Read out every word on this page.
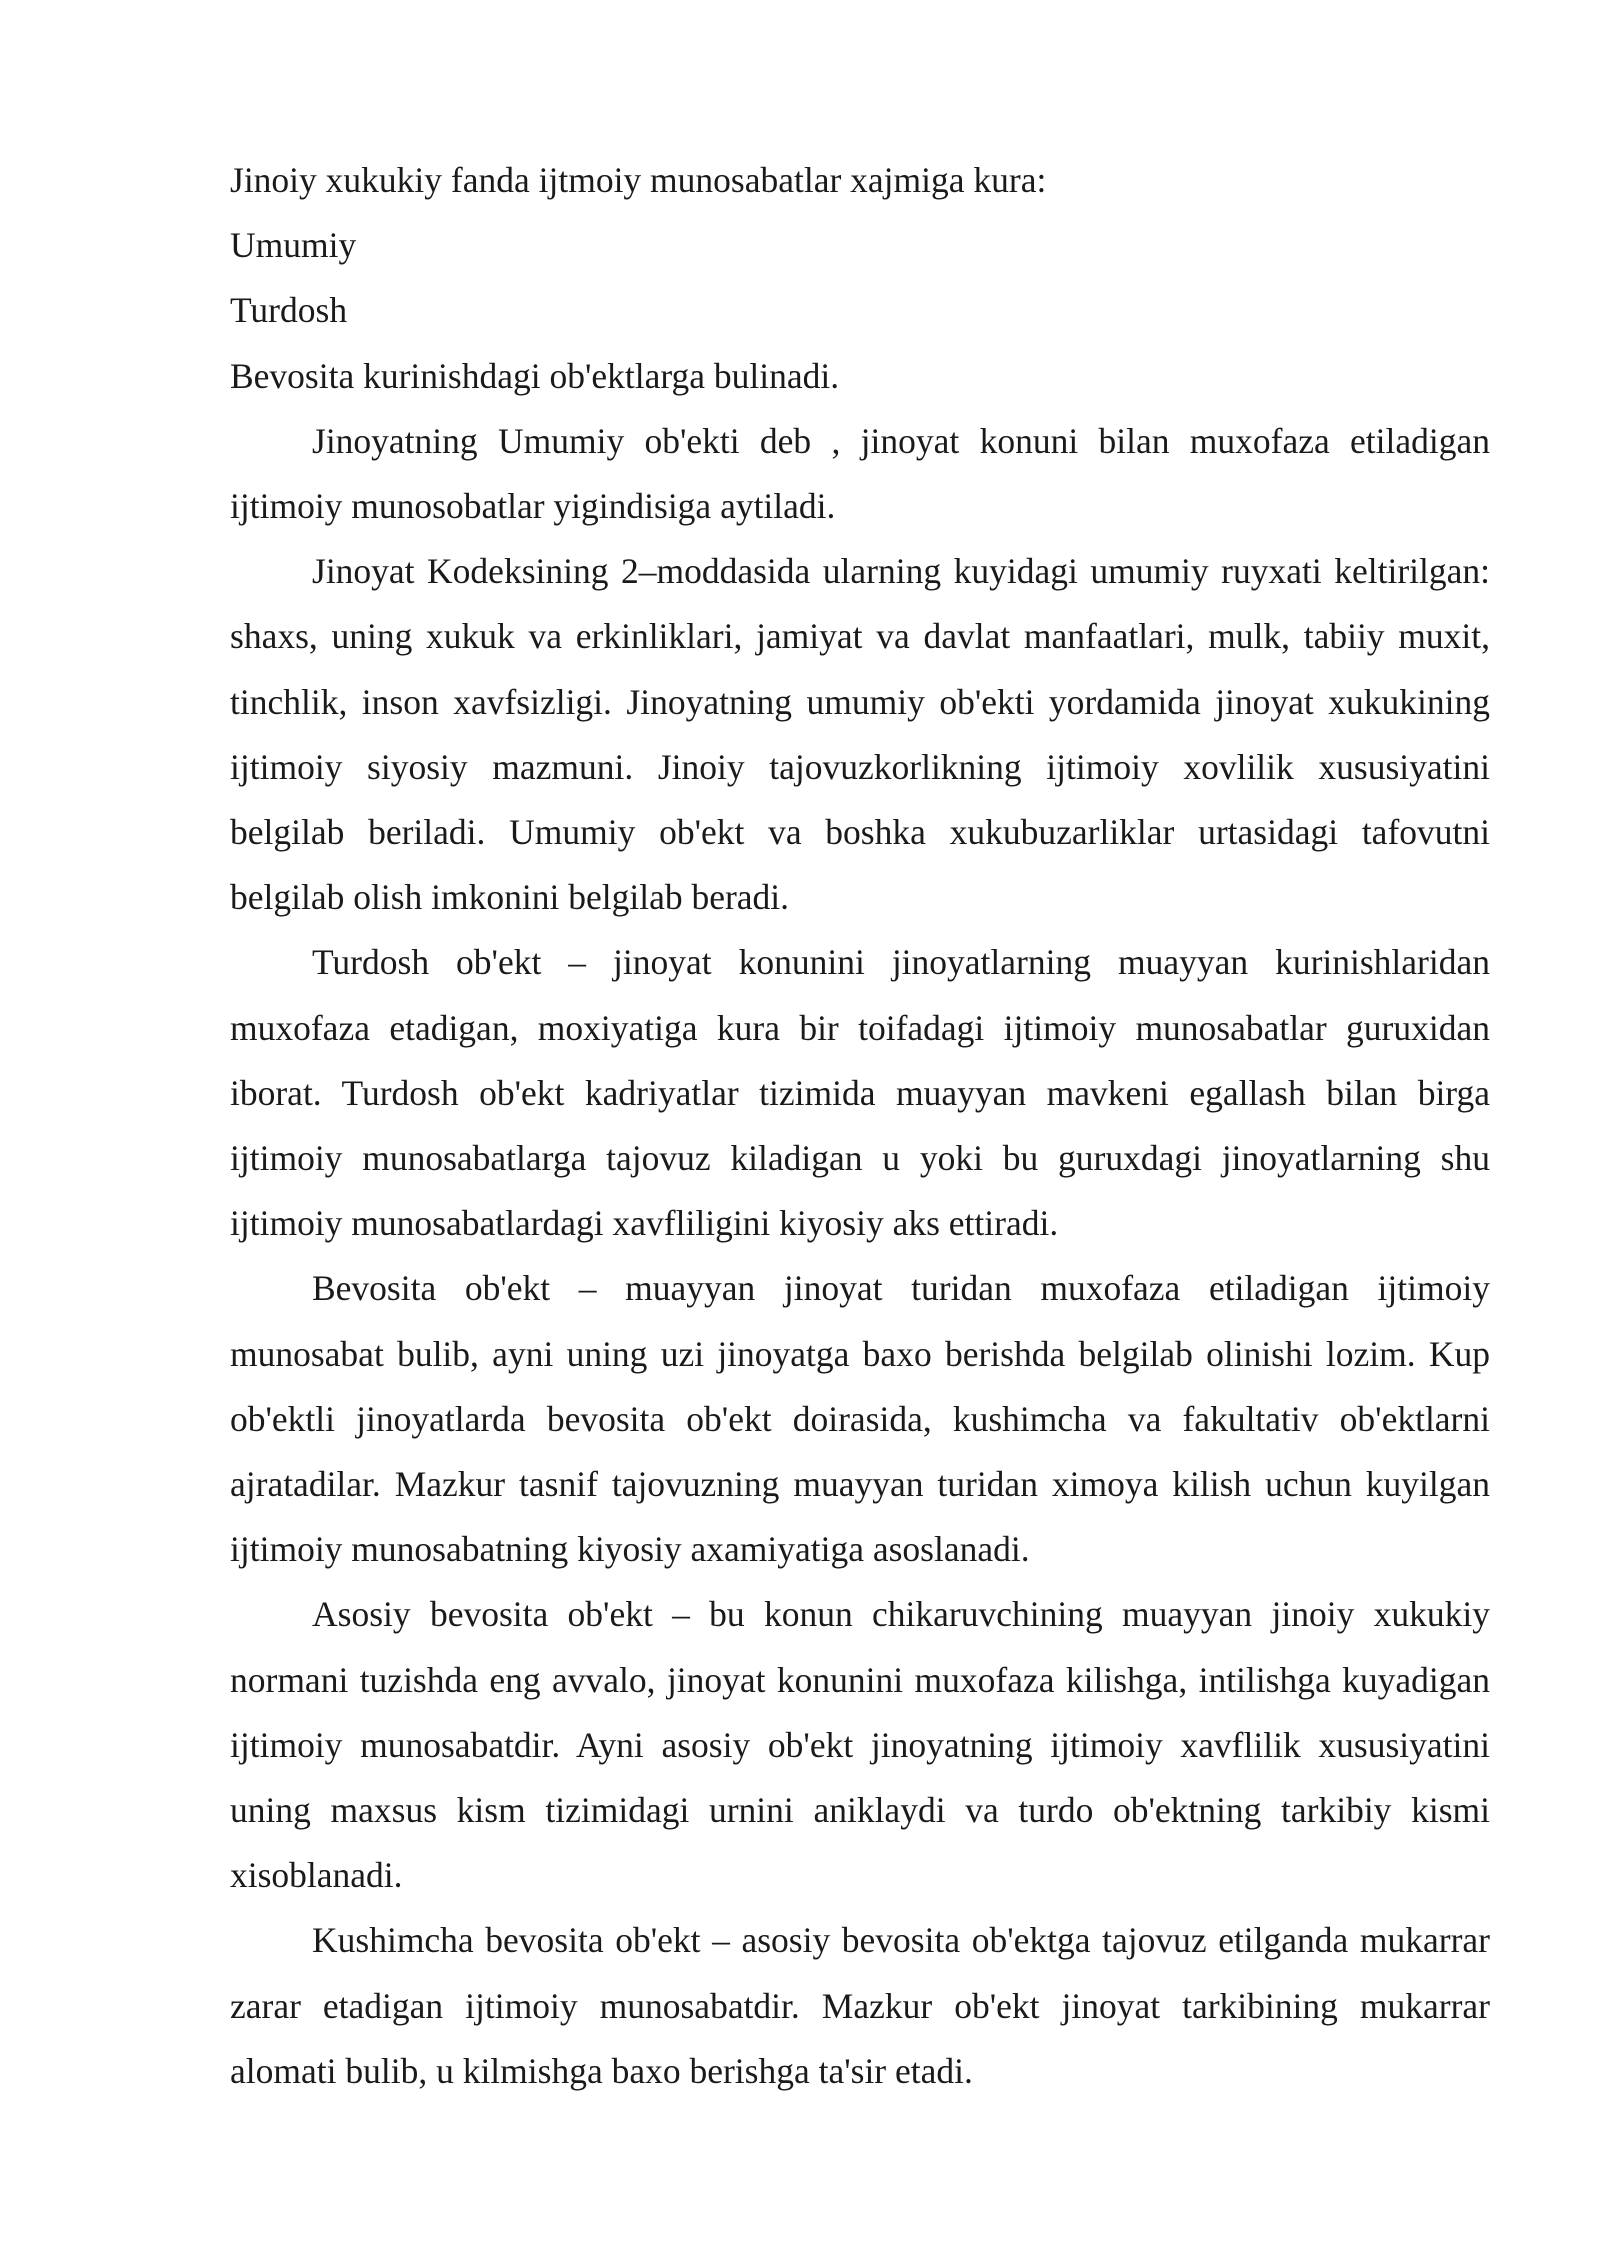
Jinoiy xukukiy fanda ijtmoiy munosabatlar xajmiga kura:

Umumiy

Turdosh

Bevosita kurinishdagi ob'ektlarga bulinadi.

Jinoyatning Umumiy ob'ekti deb , jinoyat konuni bilan muxofaza etiladigan ijtimoiy munosobatlar yigindisiga aytiladi.

Jinoyat Kodeksining 2–moddasida ularning kuyidagi umumiy ruyxati keltirilgan: shaxs, uning xukuk va erkinliklari, jamiyat va davlat manfaatlari, mulk, tabiiy muxit, tinchlik, inson xavfsizligi. Jinoyatning umumiy ob'ekti yordamida jinoyat xukukining ijtimoiy siyosiy mazmuni. Jinoiy tajovuzkorlikning ijtimoiy xovlilik xususiyatini belgilab beriladi. Umumiy ob'ekt va boshka xukubuzarliklar urtasidagi tafovutni belgilab olish imkonini belgilab beradi.

Turdosh ob'ekt – jinoyat konunini jinoyatlarning muayyan kurinishlaridan muxofaza etadigan, moxiyatiga kura bir toifadagi ijtimoiy munosabatlar guruxidan iborat. Turdosh ob'ekt kadriyatlar tizimida muayyan mavkeni egallash bilan birga ijtimoiy munosabatlarga tajovuz kiladigan u yoki bu guruxdagi jinoyatlarning shu ijtimoiy munosabatlardagi xavfliligini kiyosiy aks ettiradi.

Bevosita ob'ekt – muayyan jinoyat turidan muxofaza etiladigan ijtimoiy munosabat bulib, ayni uning uzi jinoyatga baxo berishda belgilab olinishi lozim. Kup ob'ektli jinoyatlarda bevosita ob'ekt doirasida, kushimcha va fakultativ ob'ektlarni ajratadilar. Mazkur tasnif tajovuzning muayyan turidan ximoya kilish uchun kuyilgan ijtimoiy munosabatning kiyosiy axamiyatiga asoslanadi.

Asosiy bevosita ob'ekt – bu konun chikaruvchining muayyan jinoiy xukukiy normani tuzishda eng avvalo, jinoyat konunini muxofaza kilishga, intilishga kuyadigan ijtimoiy munosabatdir. Ayni asosiy ob'ekt jinoyatning ijtimoiy xavflilik xususiyatini uning maxsus kism tizimidagi urnini aniklaydi va turdo ob'ektning tarkibiy kismi xisoblanadi.

Kushimcha bevosita ob'ekt – asosiy bevosita ob'ektga tajovuz etilganda mukarrar zarar etadigan ijtimoiy munosabatdir. Mazkur ob'ekt jinoyat tarkibining mukarrar alomati bulib, u kilmishga baxo berishga ta'sir etadi.
